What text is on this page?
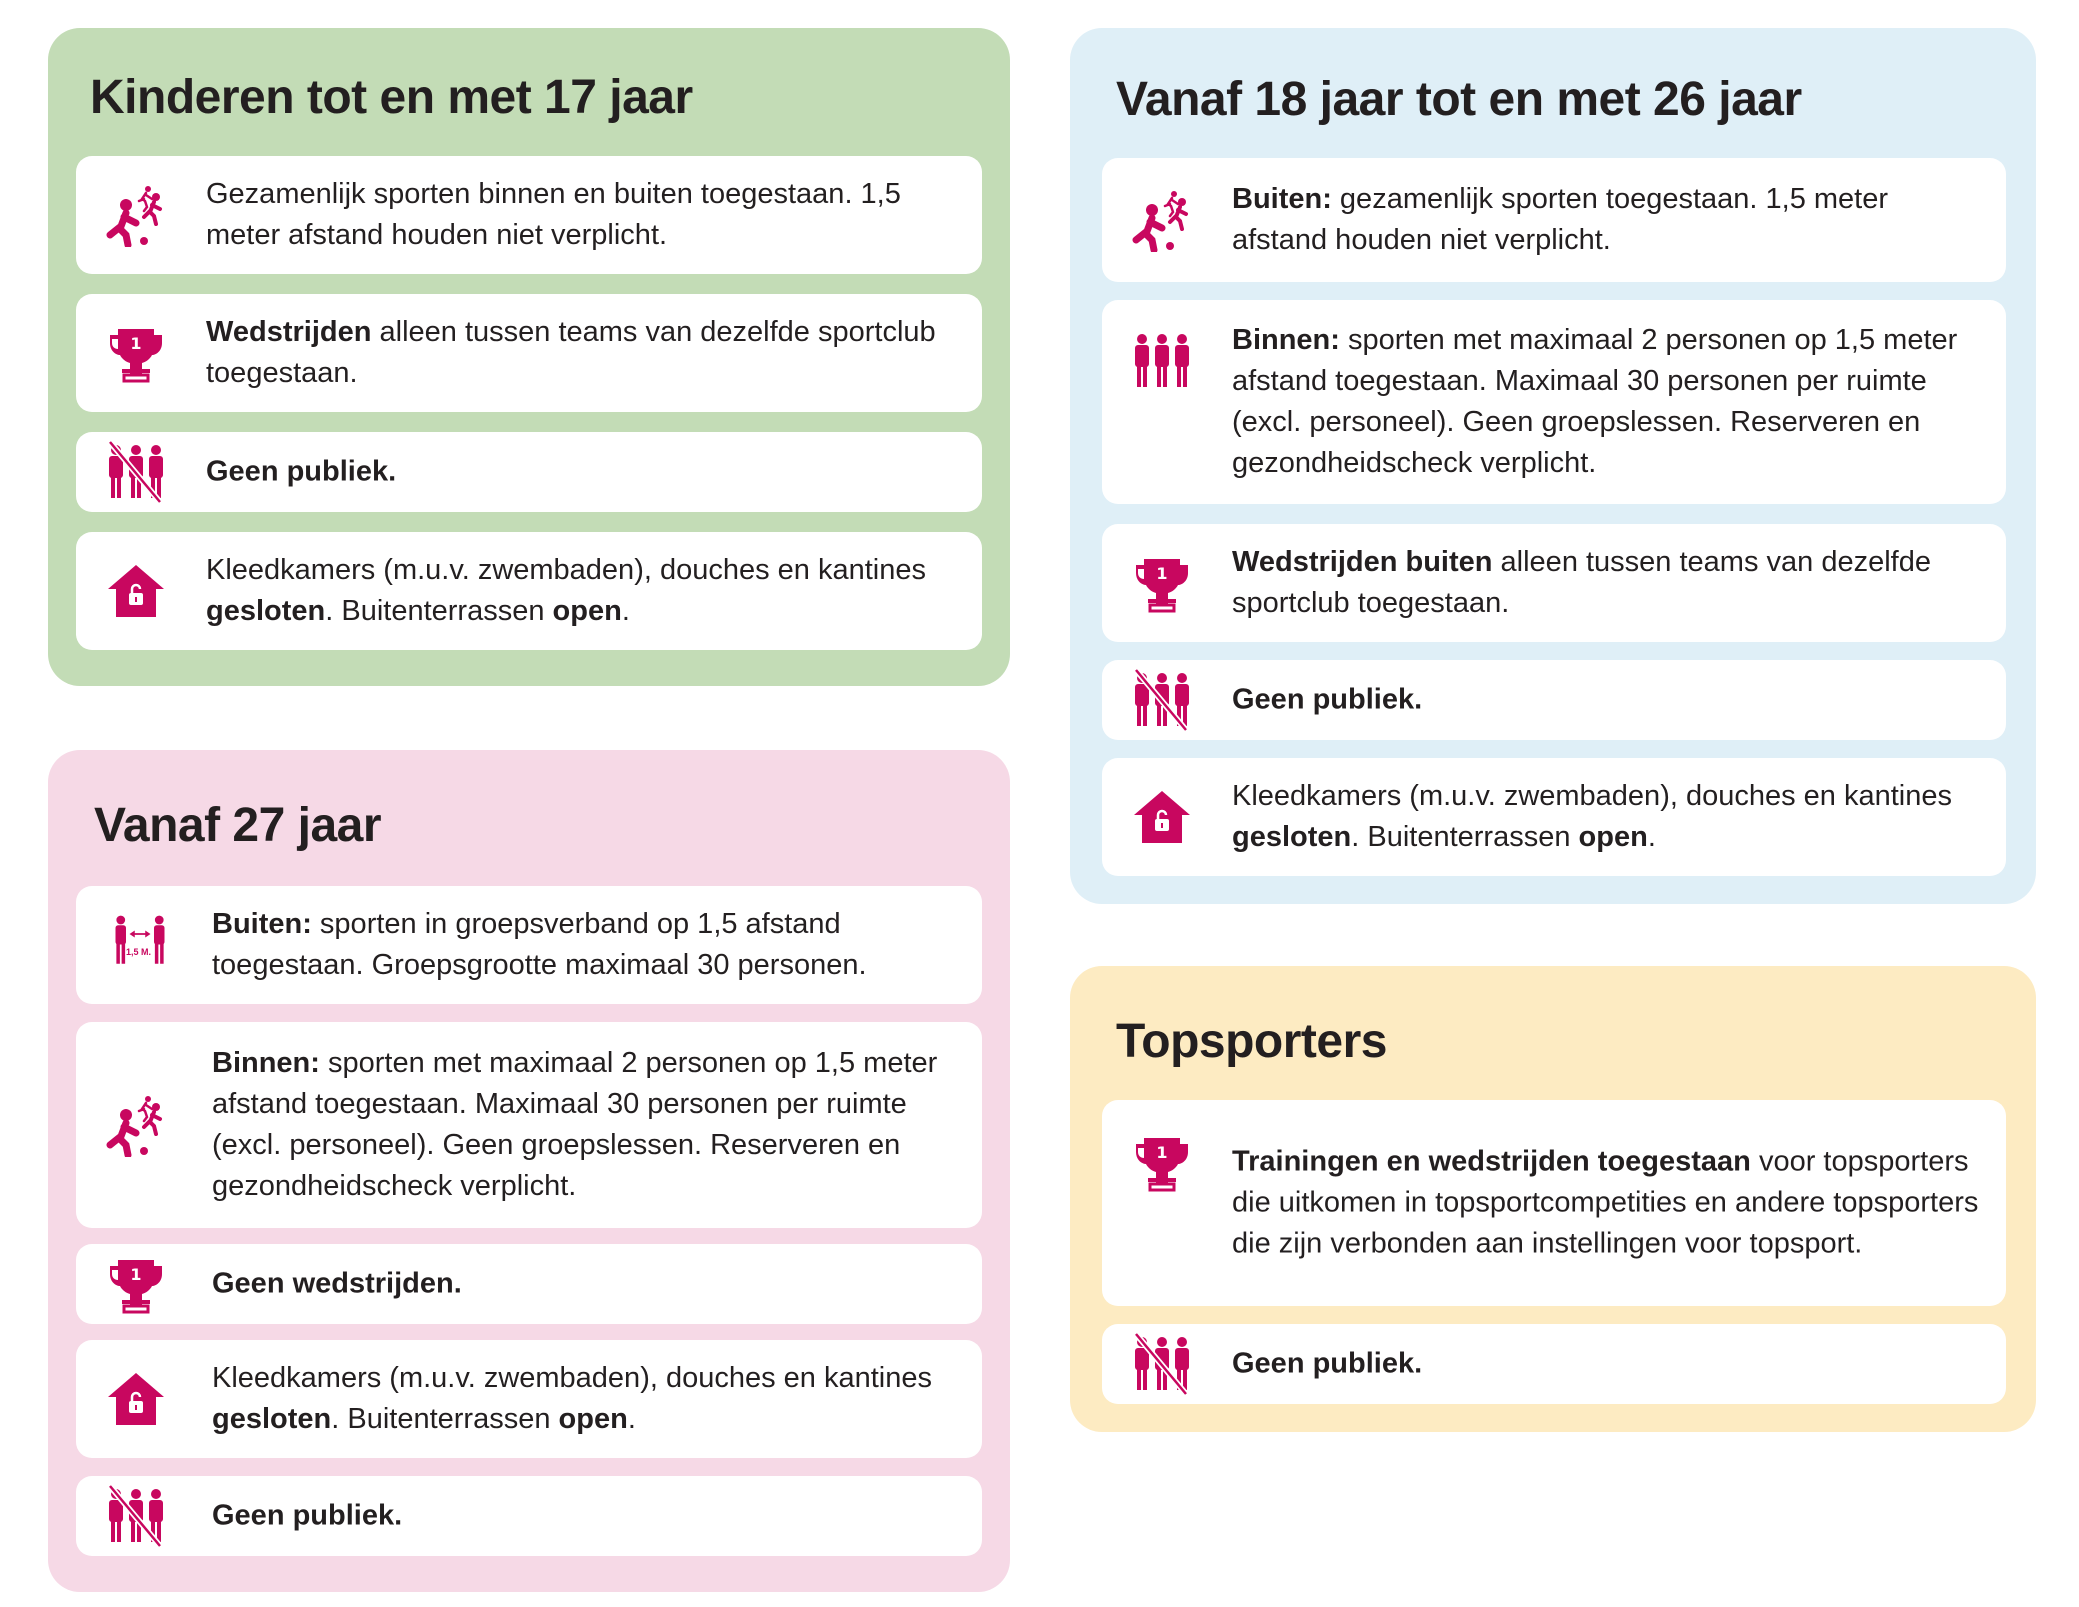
Kinderen tot en met 17 jaar
Gezamenlijk sporten binnen en buiten toegestaan. 1,5 meter afstand houden niet verplicht.
Wedstrijden alleen tussen teams van dezelfde sportclub toegestaan.
Geen publiek.
Kleedkamers (m.u.v. zwembaden), douches en kantines gesloten. Buitenterrassen open.
Vanaf 27 jaar
1,5 M.
Buiten: sporten in groepsverband op 1,5 afstand toegestaan. Groepsgrootte maximaal 30 personen.
Binnen: sporten met maximaal 2 personen op 1,5 meter afstand toegestaan. Maximaal 30 personen per ruimte (excl. personeel). Geen groepslessen. Reserveren en gezondheidscheck verplicht.
Geen wedstrijden.
Kleedkamers (m.u.v. zwembaden), douches en kantines gesloten. Buitenterrassen open.
Geen publiek.
Vanaf 18 jaar tot en met 26 jaar
Buiten: gezamenlijk sporten toegestaan. 1,5 meter afstand houden niet verplicht.
Binnen: sporten met maximaal 2 personen op 1,5 meter afstand toegestaan. Maximaal 30 personen per ruimte (excl. personeel). Geen groepslessen. Reserveren en gezondheidscheck verplicht.
Wedstrijden buiten alleen tussen teams van dezelfde sportclub toegestaan.
Geen publiek.
Kleedkamers (m.u.v. zwembaden), douches en kantines gesloten. Buitenterrassen open.
Topsporters
Trainingen en wedstrijden toegestaan voor topsporters die uitkomen in topsportcompetities en andere topsporters die zijn verbonden aan instellingen voor topsport.
Geen publiek.
